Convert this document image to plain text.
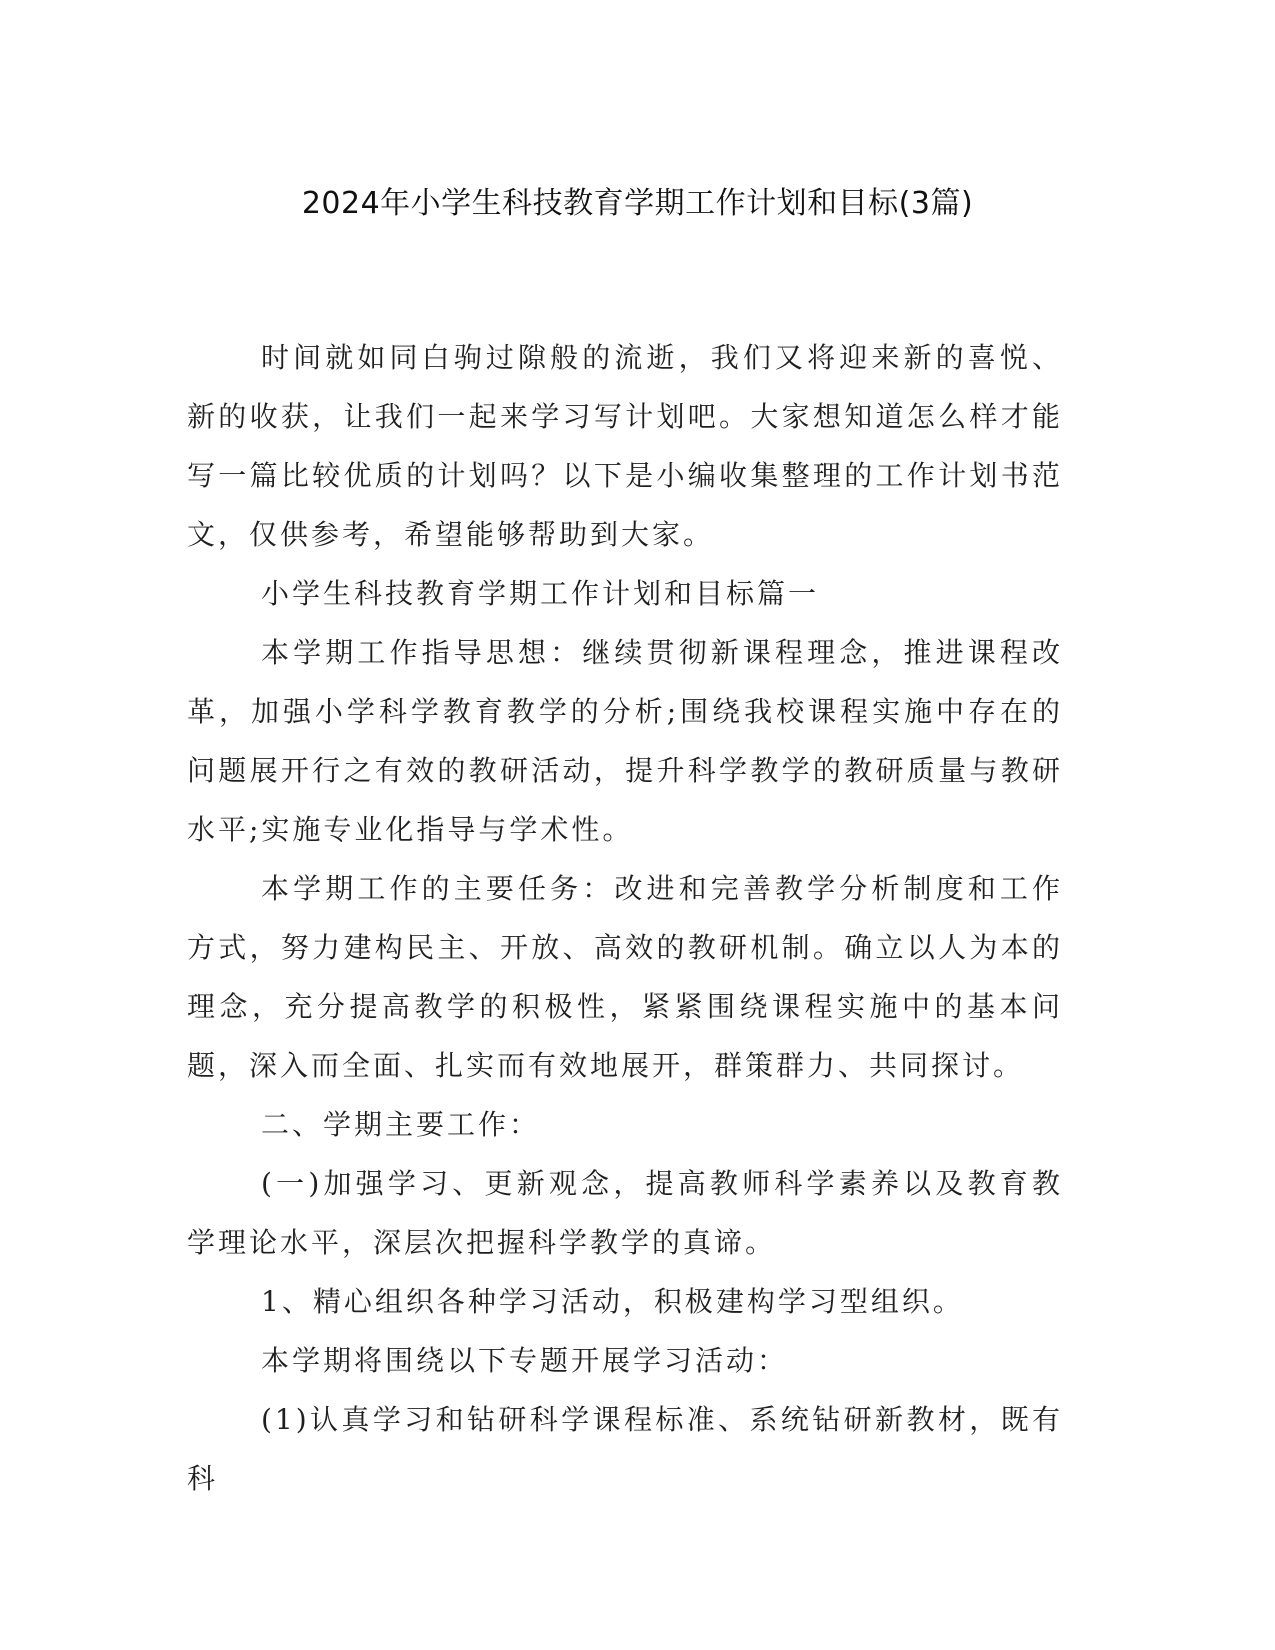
2024年小学生科技教育学期工作计划和目标(3篇)

时间就如同白驹过隙般的流逝，我们又将迎来新的喜悦、新的收获，让我们一起来学习写计划吧。大家想知道怎么样才能写一篇比较优质的计划吗？以下是小编收集整理的工作计划书范文，仅供参考，希望能够帮助到大家。

小学生科技教育学期工作计划和目标篇一

本学期工作指导思想：继续贯彻新课程理念，推进课程改革，加强小学科学教育教学的分析;围绕我校课程实施中存在的问题展开行之有效的教研活动，提升科学教学的教研质量与教研水平;实施专业化指导与学术性。

本学期工作的主要任务：改进和完善教学分析制度和工作方式，努力建构民主、开放、高效的教研机制。确立以人为本的理念，充分提高教学的积极性，紧紧围绕课程实施中的基本问题，深入而全面、扎实而有效地展开，群策群力、共同探讨。

二、学期主要工作：

(一)加强学习、更新观念，提高教师科学素养以及教育教学理论水平，深层次把握科学教学的真谛。

1、精心组织各种学习活动，积极建构学习型组织。

本学期将围绕以下专题开展学习活动：

(1)认真学习和钻研科学课程标准、系统钻研新教材，既有科
